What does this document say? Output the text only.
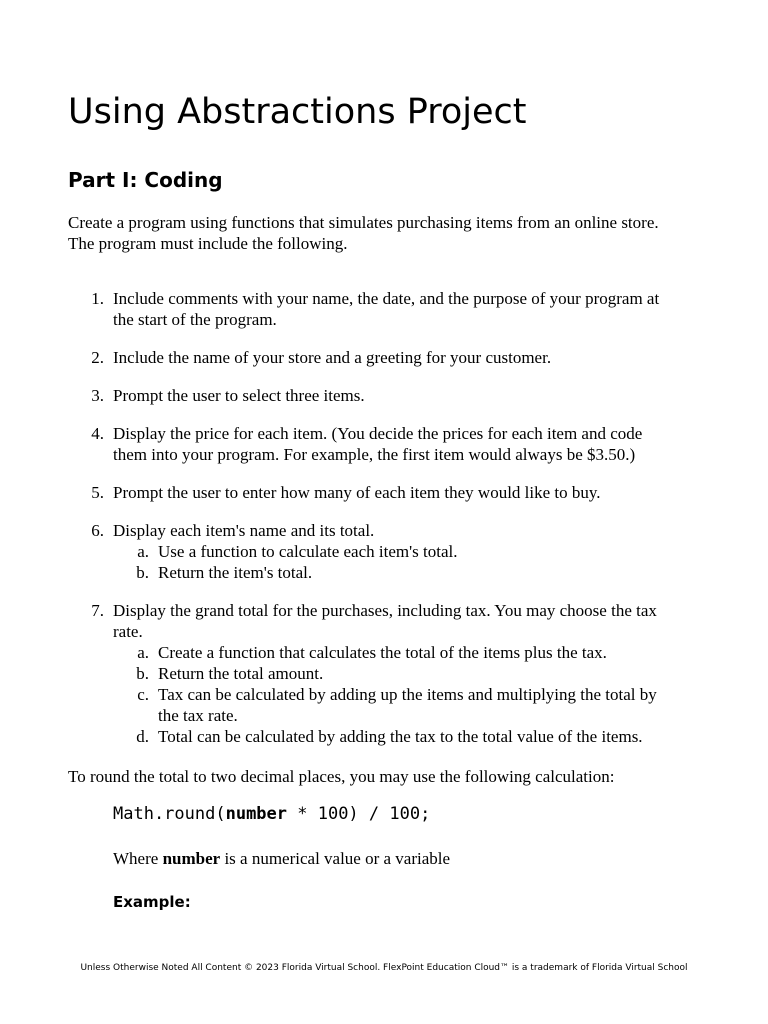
Using Abstractions Project
Part I: Coding

Create a program using functions that simulates purchasing items from an online store.
The program must include the following.

1. Include comments with your name, the date, and the purpose of your program at
the start of the program.
2. Include the name of your store and a greeting for your customer.
3. Prompt the user to select three items.
4. Display the price for each item. (You decide the prices for each item and code
them into your program. For example, the first item would always be $3.50.)
5. Prompt the user to enter how many of each item they would like to buy.
6. Display each item's name and its total.
a. Use a function to calculate each item's total.
b. Return the item's total.
7. Display the grand total for the purchases, including tax. You may choose the tax
rate.
a. Create a function that calculates the total of the items plus the tax.
b. Return the total amount.
c. Tax can be calculated by adding up the items and multiplying the total by
the tax rate.
d. Total can be calculated by adding the tax to the total value of the items.

To round the total to two decimal places, you may use the following calculation:

Math.round(number * 100) / 100;

Where number is a numerical value or a variable

Example:

Unless Otherwise Noted All Content © 2023 Florida Virtual School. FlexPoint Education Cloud™ is a trademark of Florida Virtual School
